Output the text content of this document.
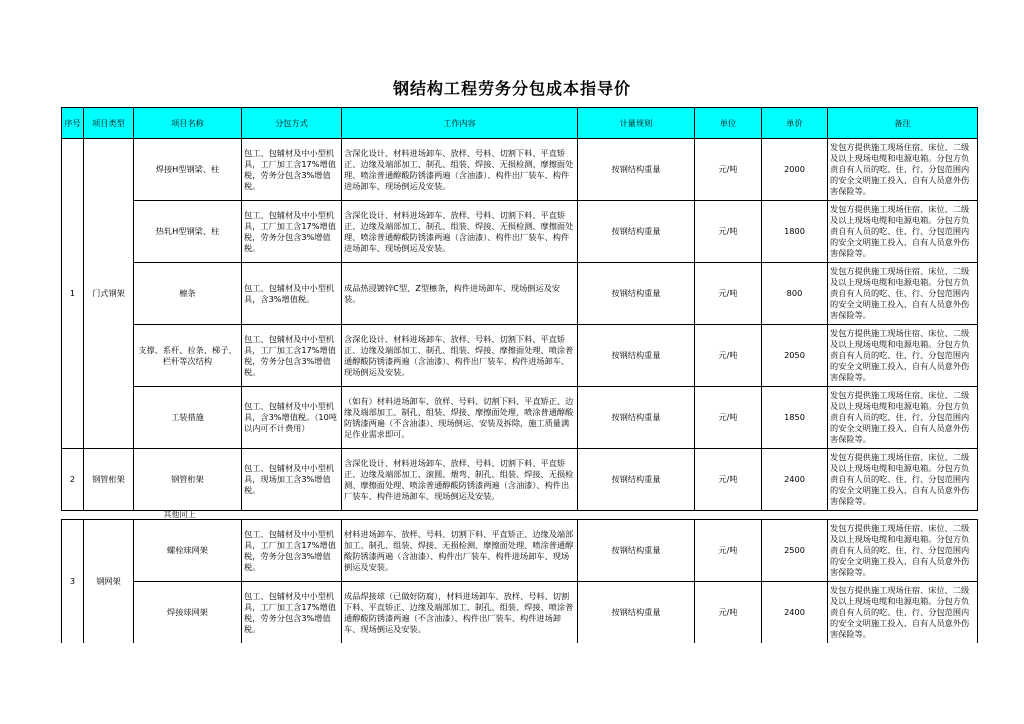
钢结构工程劳务分包成本指导价
序号	项目类型	项目名称	分包方式	工作内容	计量规则	单位	单价	备注
1	门式钢架	焊接H型钢梁、柱	包工、包辅材及中小型机具，工厂加工含17%增值税，劳务分包含3%增值税。	含深化设计、材料进场卸车、放样、号料、切割下料、平直矫正、边缘及端部加工、制孔、组装、焊接、无损检测、摩擦面处理、喷涂普通醇酸防锈漆两遍（含油漆）、构件出厂装车、构件进场卸车、现场倒运及安装。	按钢结构重量	元/吨	2000	发包方提供施工现场住宿、床位、二级及以上现场电缆和电源电箱。分包方负责自有人员的吃、住、行、分包范围内的安全文明施工投入、自有人员意外伤害保险等。
		热轧H型钢梁、柱	包工、包辅材及中小型机具，工厂加工含17%增值税，劳务分包含3%增值税。	含深化设计、材料进场卸车、放样、号料、切割下料、平直矫正、边缘及端部加工、制孔、组装、焊接、无损检测、摩擦面处理、喷涂普通醇酸防锈漆两遍（含油漆）、构件出厂装车、构件进场卸车、现场倒运及安装。	按钢结构重量	元/吨	1800	发包方提供施工现场住宿、床位、二级及以上现场电缆和电源电箱。分包方负责自有人员的吃、住、行、分包范围内的安全文明施工投入、自有人员意外伤害保险等。
		檩条	包工、包辅材及中小型机具，含3%增值税。	成品热浸镀锌C型、Z型檩条，构件进场卸车、现场倒运及安装。	按钢结构重量	元/吨	800	发包方提供施工现场住宿、床位、二级及以上现场电缆和电源电箱。分包方负责自有人员的吃、住、行、分包范围内的安全文明施工投入、自有人员意外伤害保险等。
		支撑、系杆、拉条、梯子、栏杆等次结构	包工、包辅材及中小型机具，工厂加工含17%增值税，劳务分包含3%增值税。	含深化设计、材料进场卸车、放样、号料、切割下料、平直矫正、边缘及端部加工、制孔、组装、焊接、摩擦面处理、喷涂普通醇酸防锈漆两遍（含油漆）、构件出厂装车、构件进场卸车、现场倒运及安装。	按钢结构重量	元/吨	2050	发包方提供施工现场住宿、床位、二级及以上现场电缆和电源电箱。分包方负责自有人员的吃、住、行、分包范围内的安全文明施工投入、自有人员意外伤害保险等。
		工装措施	包工、包辅材及中小型机具，含3%增值税。（10吨以内可不计费用）	（如有）材料进场卸车、放样、号料、切割下料、平直矫正、边缘及端部加工、制孔、组装、焊接、摩擦面处理、喷涂普通醇酸防锈漆两遍（不含油漆）、现场倒运、安装及拆除，施工质量满足作业需求即可。	按钢结构重量	元/吨	1850	发包方提供施工现场住宿、床位、二级及以上现场电缆和电源电箱。分包方负责自有人员的吃、住、行、分包范围内的安全文明施工投入、自有人员意外伤害保险等。
2	钢管桁架	钢管桁架	包工、包辅材及中小型机具，现场加工含3%增值税。	含深化设计、材料进场卸车、放样、号料、切割下料、平直矫正、边缘及端部加工、滚圆、煨弯、制孔、组装、焊接、无损检测、摩擦面处理、喷涂普通醇酸防锈漆两遍（含油漆）、构件出厂装车、构件进场卸车、现场倒运及安装。	按钢结构重量	元/吨	2400	发包方提供施工现场住宿、床位、二级及以上现场电缆和电源电箱。分包方负责自有人员的吃、住、行、分包范围内的安全文明施工投入、自有人员意外伤害保险等。
		其他同上						
3	钢网架	螺栓球网架	包工、包辅材及中小型机具，工厂加工含17%增值税，劳务分包含3%增值税。	材料进场卸车、放样、号料、切割下料、平直矫正、边缘及端部加工、制孔、组装、焊接、无损检测、摩擦面处理、喷涂普通醇酸防锈漆两遍（含油漆）、构件出厂装车、构件进场卸车、现场倒运及安装。	按钢结构重量	元/吨	2500	发包方提供施工现场住宿、床位、二级及以上现场电缆和电源电箱。分包方负责自有人员的吃、住、行、分包范围内的安全文明施工投入、自有人员意外伤害保险等。
		焊接球网架	包工、包辅材及中小型机具，工厂加工含17%增值税，劳务分包含3%增值税。	成品焊接球（已做好防腐），材料进场卸车、放样、号料、切割下料、平直矫正、边缘及端部加工、制孔、组装、焊接、喷涂普通醇酸防锈漆两遍（不含油漆）、构件出厂装车、构件进场卸车、现场倒运及安装。	按钢结构重量	元/吨	2400	发包方提供施工现场住宿、床位、二级及以上现场电缆和电源电箱。分包方负责自有人员的吃、住、行、分包范围内的安全文明施工投入、自有人员意外伤害保险等。
